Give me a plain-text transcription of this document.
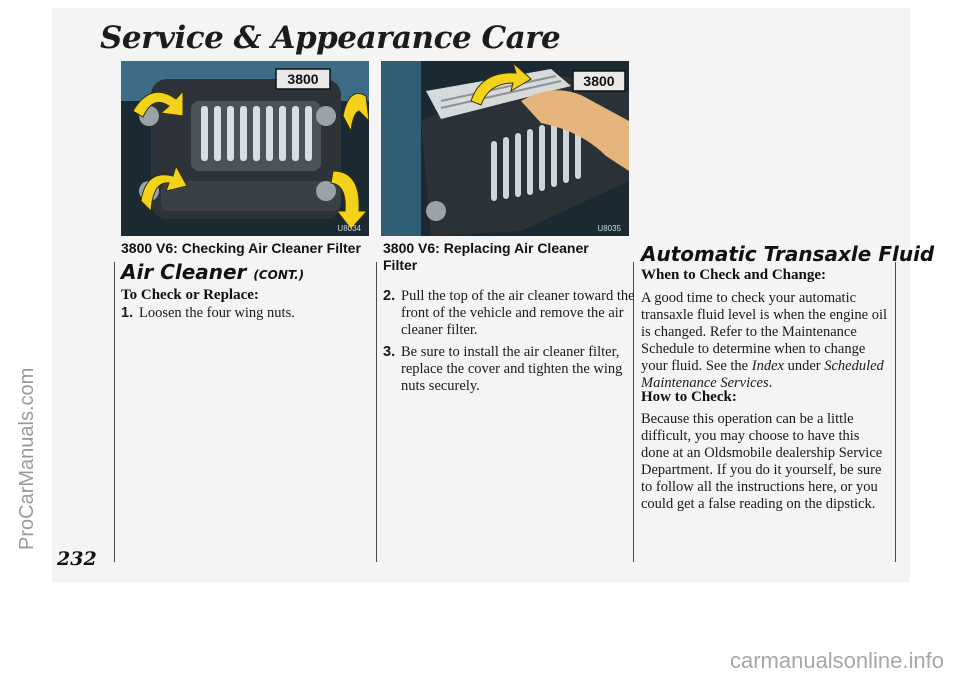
ProCarManuals.com
Service & Appearance Care
3800
U8034
3800
U8035

3800 V6: Checking Air Cleaner Filter

Air Cleaner (CONT.)

To Check or Replace:

1. Loosen the four wing nuts.

3800 V6: Replacing Air Cleaner Filter

2. Pull the top of the air cleaner toward the front of the vehicle and remove the air cleaner filter.

3. Be sure to install the air cleaner filter, replace the cover and tighten the wing nuts securely.

Automatic Transaxle Fluid

When to Check and Change:

A good time to check your automatic transaxle fluid level is when the engine oil is changed. Refer to the Maintenance Schedule to determine when to change your fluid. See the Index under Scheduled Maintenance Services.

How to Check:

Because this operation can be a little difficult, you may choose to have this done at an Oldsmobile dealership Service Department. If you do it yourself, be sure to follow all the instructions here, or you could get a false reading on the dipstick.

232

carmanualsonline.info
